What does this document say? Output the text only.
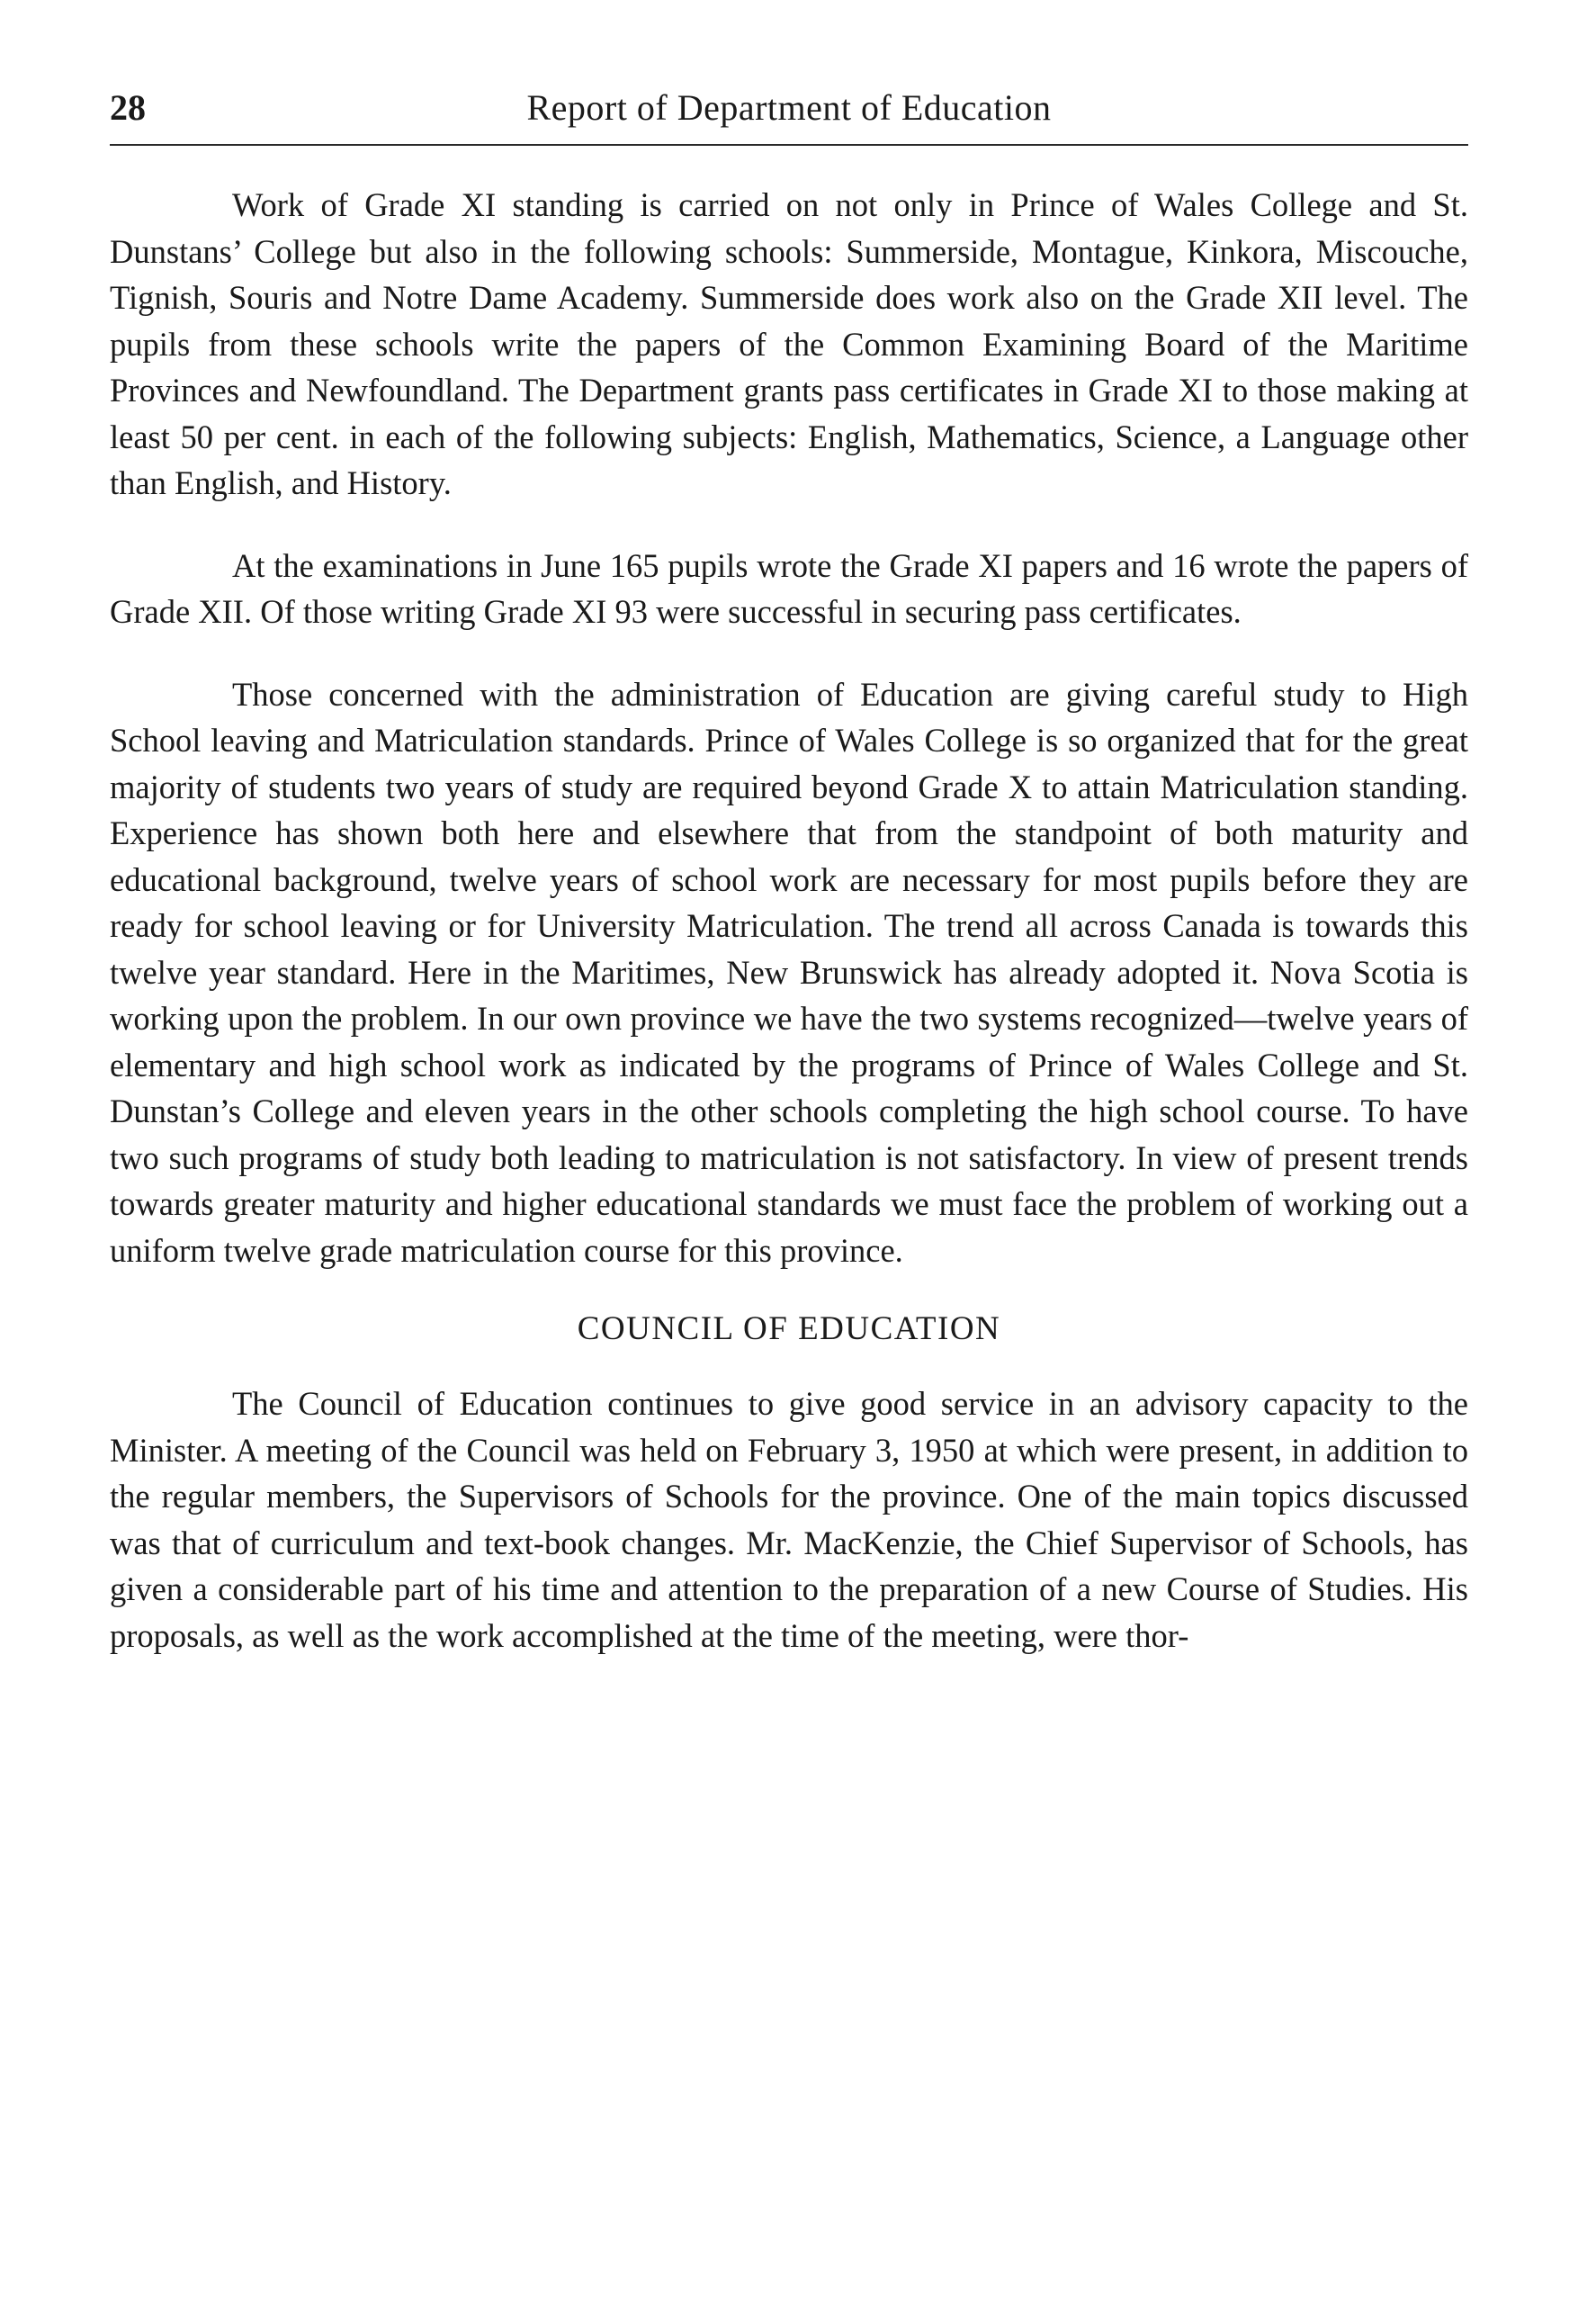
28	Report of Department of Education

Work of Grade XI standing is carried on not only in Prince of Wales College and St. Dunstans’ College but also in the following schools: Summerside, Montague, Kinkora, Miscouche, Tignish, Souris and Notre Dame Academy. Summerside does work also on the Grade XII level. The pupils from these schools write the papers of the Common Examining Board of the Maritime Provinces and Newfoundland. The Department grants pass certificates in Grade XI to those making at least 50 per cent. in each of the following subjects: English, Mathematics, Science, a Language other than English, and History.

At the examinations in June 165 pupils wrote the Grade XI papers and 16 wrote the papers of Grade XII. Of those writing Grade XI 93 were successful in securing pass certificates.

Those concerned with the administration of Education are giving careful study to High School leaving and Matriculation standards. Prince of Wales College is so organized that for the great majority of students two years of study are required beyond Grade X to attain Matriculation standing. Experience has shown both here and elsewhere that from the standpoint of both maturity and educational background, twelve years of school work are necessary for most pupils before they are ready for school leaving or for University Matriculation. The trend all across Canada is towards this twelve year standard. Here in the Maritimes, New Brunswick has already adopted it. Nova Scotia is working upon the problem. In our own province we have the two systems recognized—twelve years of elementary and high school work as indicated by the programs of Prince of Wales College and St. Dunstan’s College and eleven years in the other schools completing the high school course. To have two such programs of study both leading to matriculation is not satisfactory. In view of present trends towards greater maturity and higher educational standards we must face the problem of working out a uniform twelve grade matriculation course for this province.

COUNCIL OF EDUCATION

The Council of Education continues to give good service in an advisory capacity to the Minister. A meeting of the Council was held on February 3, 1950 at which were present, in addition to the regular members, the Supervisors of Schools for the province. One of the main topics discussed was that of curriculum and text-book changes. Mr. MacKenzie, the Chief Supervisor of Schools, has given a considerable part of his time and attention to the preparation of a new Course of Studies. His proposals, as well as the work accomplished at the time of the meeting, were thor-
